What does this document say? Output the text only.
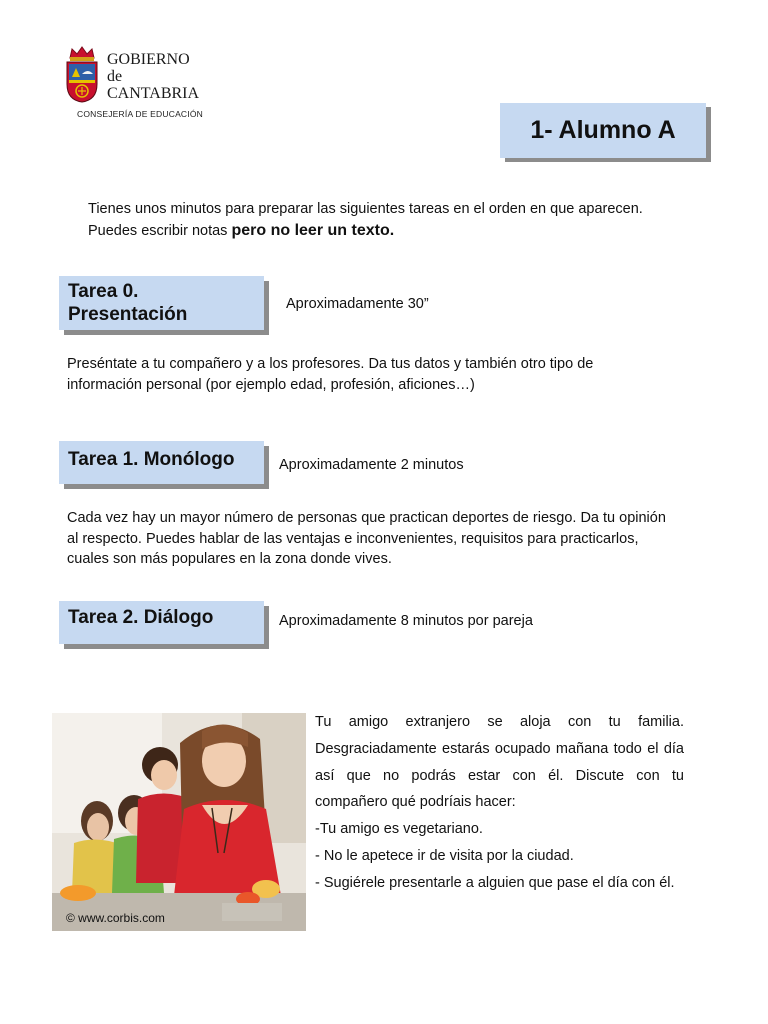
GOBIERNO
de
CANTABRIA
CONSEJERÍA DE EDUCACIÓN
1- Alumno A
Tienes unos minutos para preparar las siguientes tareas en el orden en que aparecen.
Puedes escribir notas pero no leer un texto.
Tarea 0.
Presentación	Aproximadamente 30”
Preséntate a tu compañero y a los profesores. Da tus datos y también otro tipo de información personal (por ejemplo edad, profesión, aficiones…)
Tarea 1. Monólogo	Aproximadamente 2 minutos
Cada vez hay un mayor número de personas que practican deportes de riesgo. Da tu opinión al respecto. Puedes hablar de las ventajas e inconvenientes, requisitos para practicarlos, cuales son más populares en la zona donde vives.
Tarea 2. Diálogo	Aproximadamente 8 minutos por pareja
© www.corbis.com

Tu amigo extranjero se aloja con tu familia. Desgraciadamente estarás ocupado mañana todo el día así que no podrás estar con él. Discute con tu compañero qué podríais hacer:

-Tu amigo es vegetariano.

- No le apetece ir de visita por la ciudad.

- Sugiérele presentarle a alguien que pase el día con él.
